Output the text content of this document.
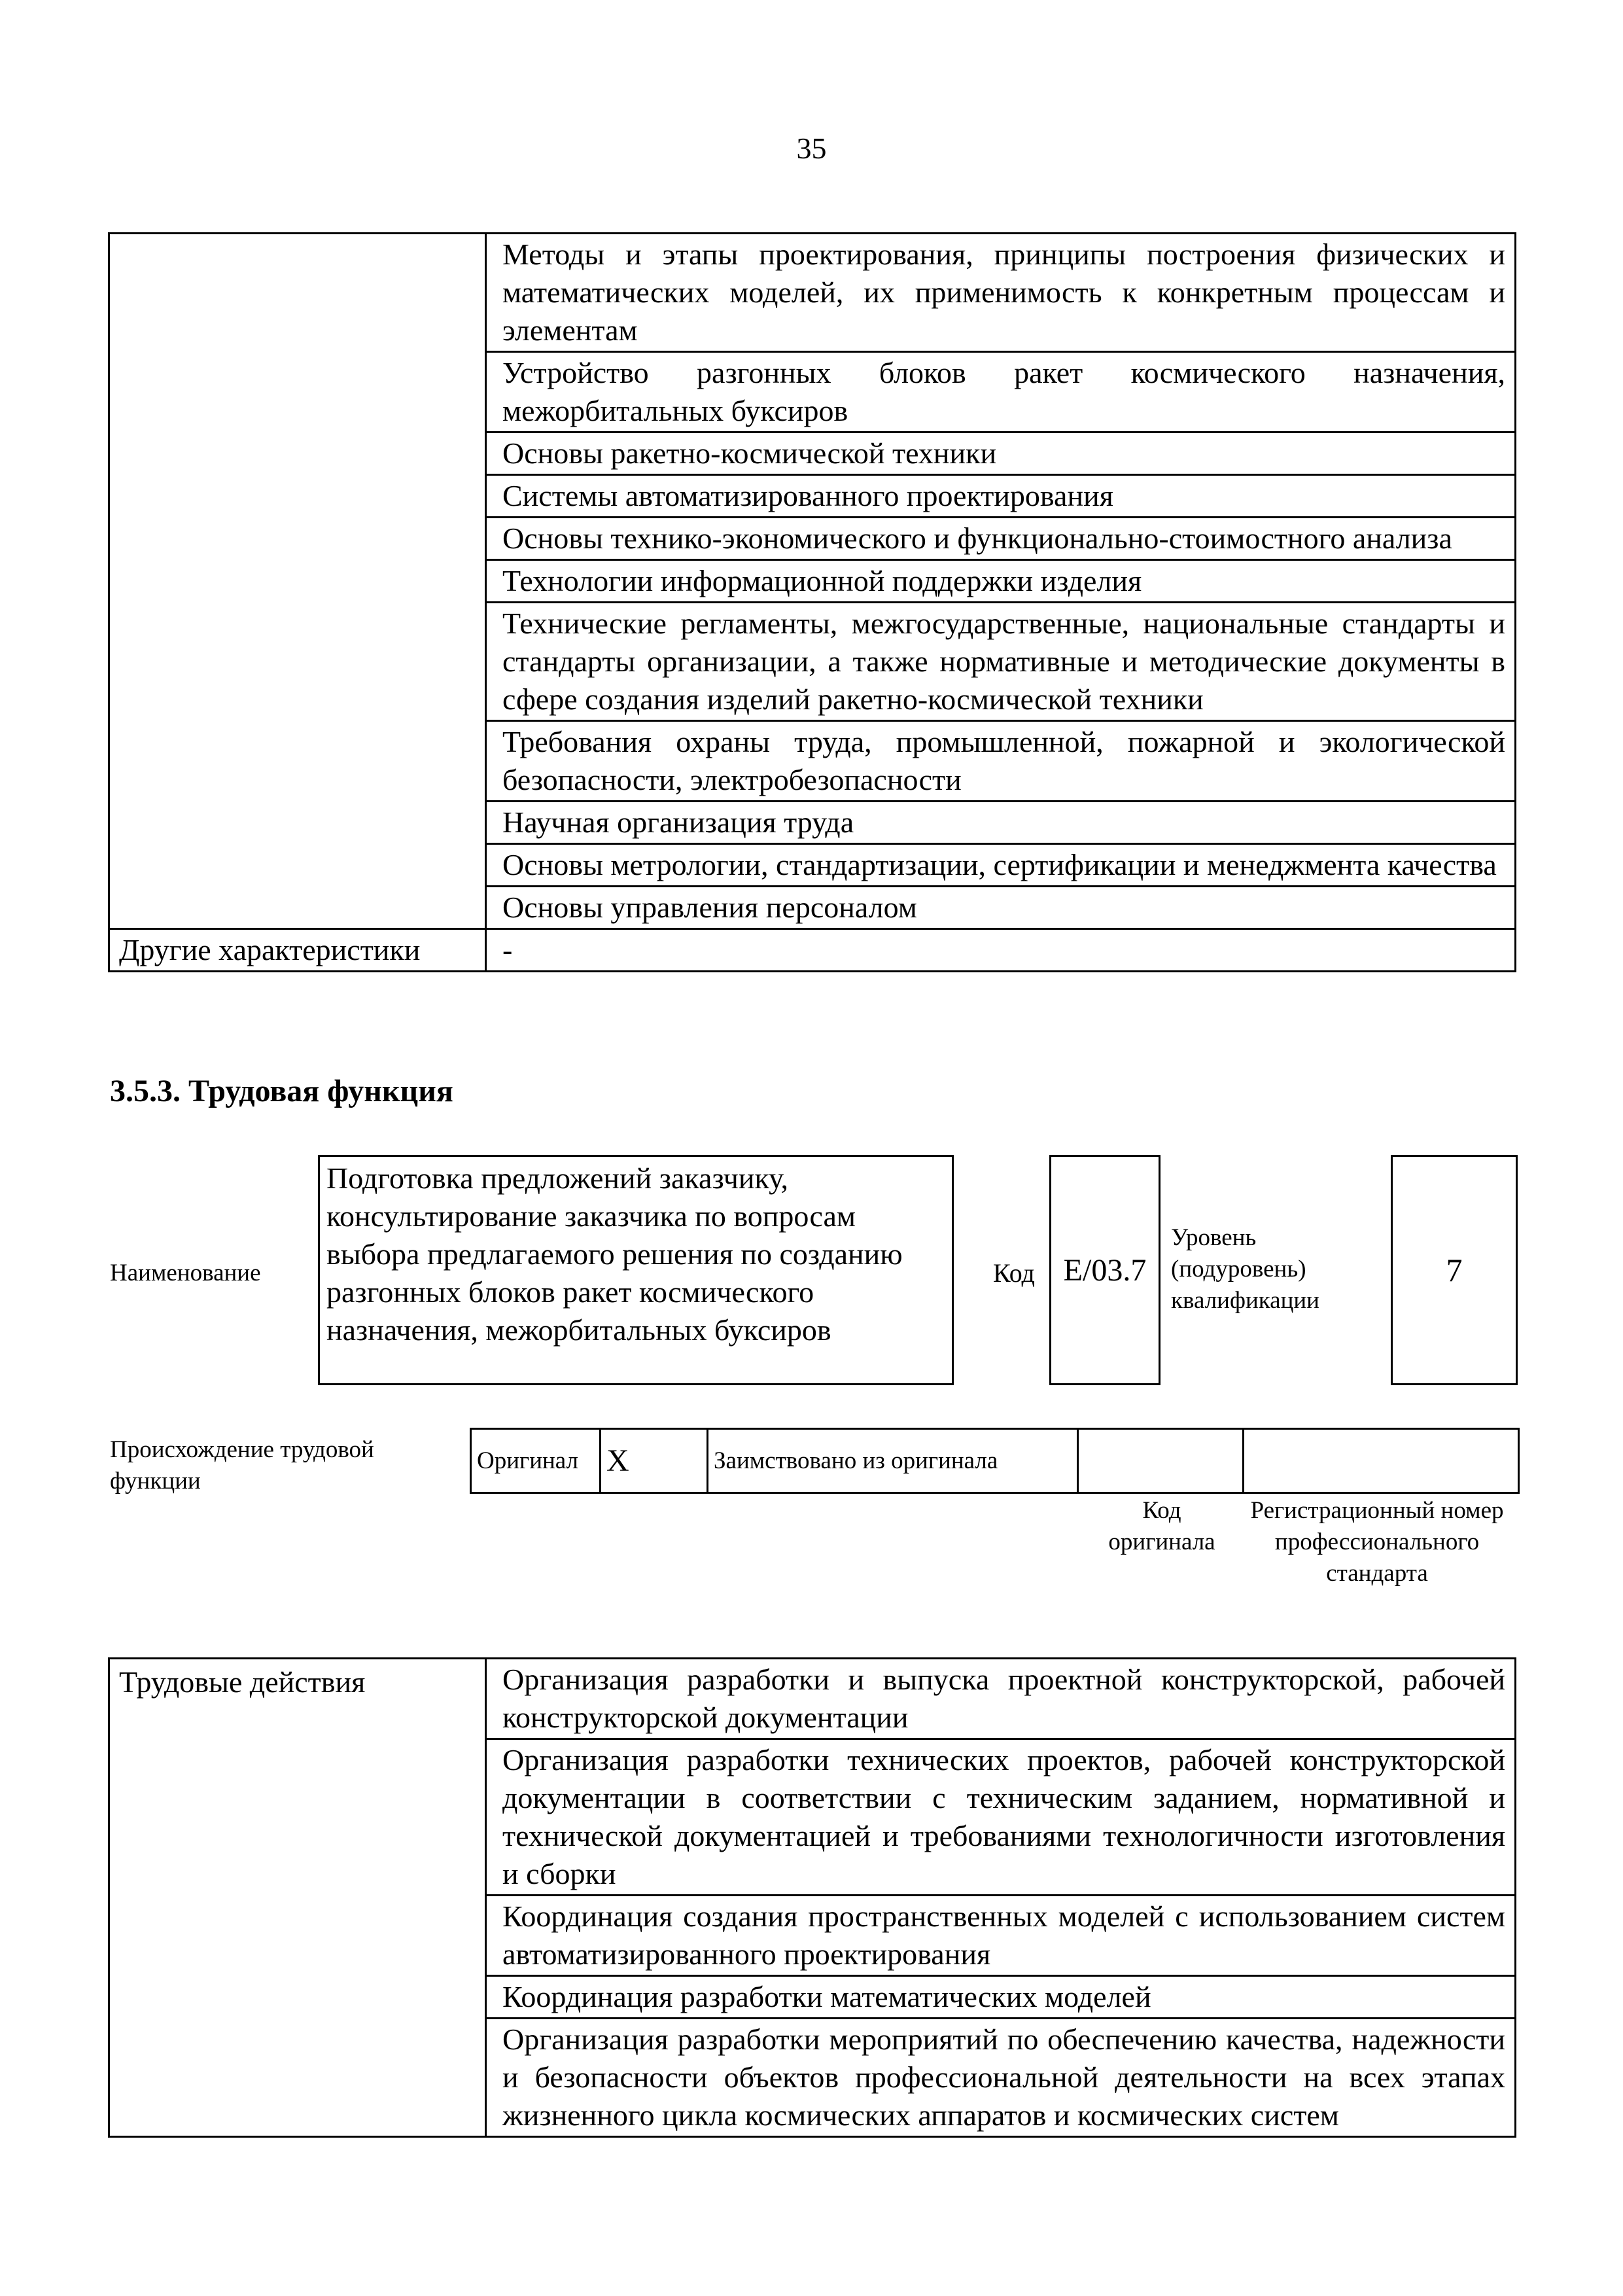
35

	Методы и этапы проектирования, принципы построения физических и математических моделей, их применимость к конкретным процессам и элементам

	Устройство разгонных блоков ракет космического назначения, межорбитальных буксиров

	Основы ракетно-космической техники

	Системы автоматизированного проектирования

	Основы технико-экономического и функционально-стоимостного анализа

	Технологии информационной поддержки изделия

	Технические регламенты, межгосударственные, национальные стандарты и стандарты организации, а также нормативные и методические документы в сфере создания изделий ракетно-космической техники

	Требования охраны труда, промышленной, пожарной и экологической безопасности, электробезопасности

	Научная организация труда

	Основы метрологии, стандартизации, сертификации и менеджмента качества

	Основы управления персоналом

Другие характеристики	-
3.5.3. Трудовая функция
Наименование
Подготовка предложений заказчику, консультирование заказчика по вопросам выбора предлагаемого решения по созданию разгонных блоков ракет космического назначения, межорбитальных буксиров
Код E/03.7
Уровень (подуровень) квалификации
7
Происхождение трудовой функции
Оригинал	X	Заимствовано из оригинала		
Код оригинала
Регистрационный номер профессионального стандарта
Трудовые действия	Организация разработки и выпуска проектной конструкторской, рабочей конструкторской документации

Организация разработки технических проектов, рабочей конструкторской документации в соответствии с техническим заданием, нормативной и технической документацией и требованиями технологичности изготовления и сборки

Координация создания пространственных моделей с использованием систем автоматизированного проектирования

Координация разработки математических моделей

Организация разработки мероприятий по обеспечению качества, надежности и безопасности объектов профессиональной деятельности на всех этапах жизненного цикла космических аппаратов и космических систем
